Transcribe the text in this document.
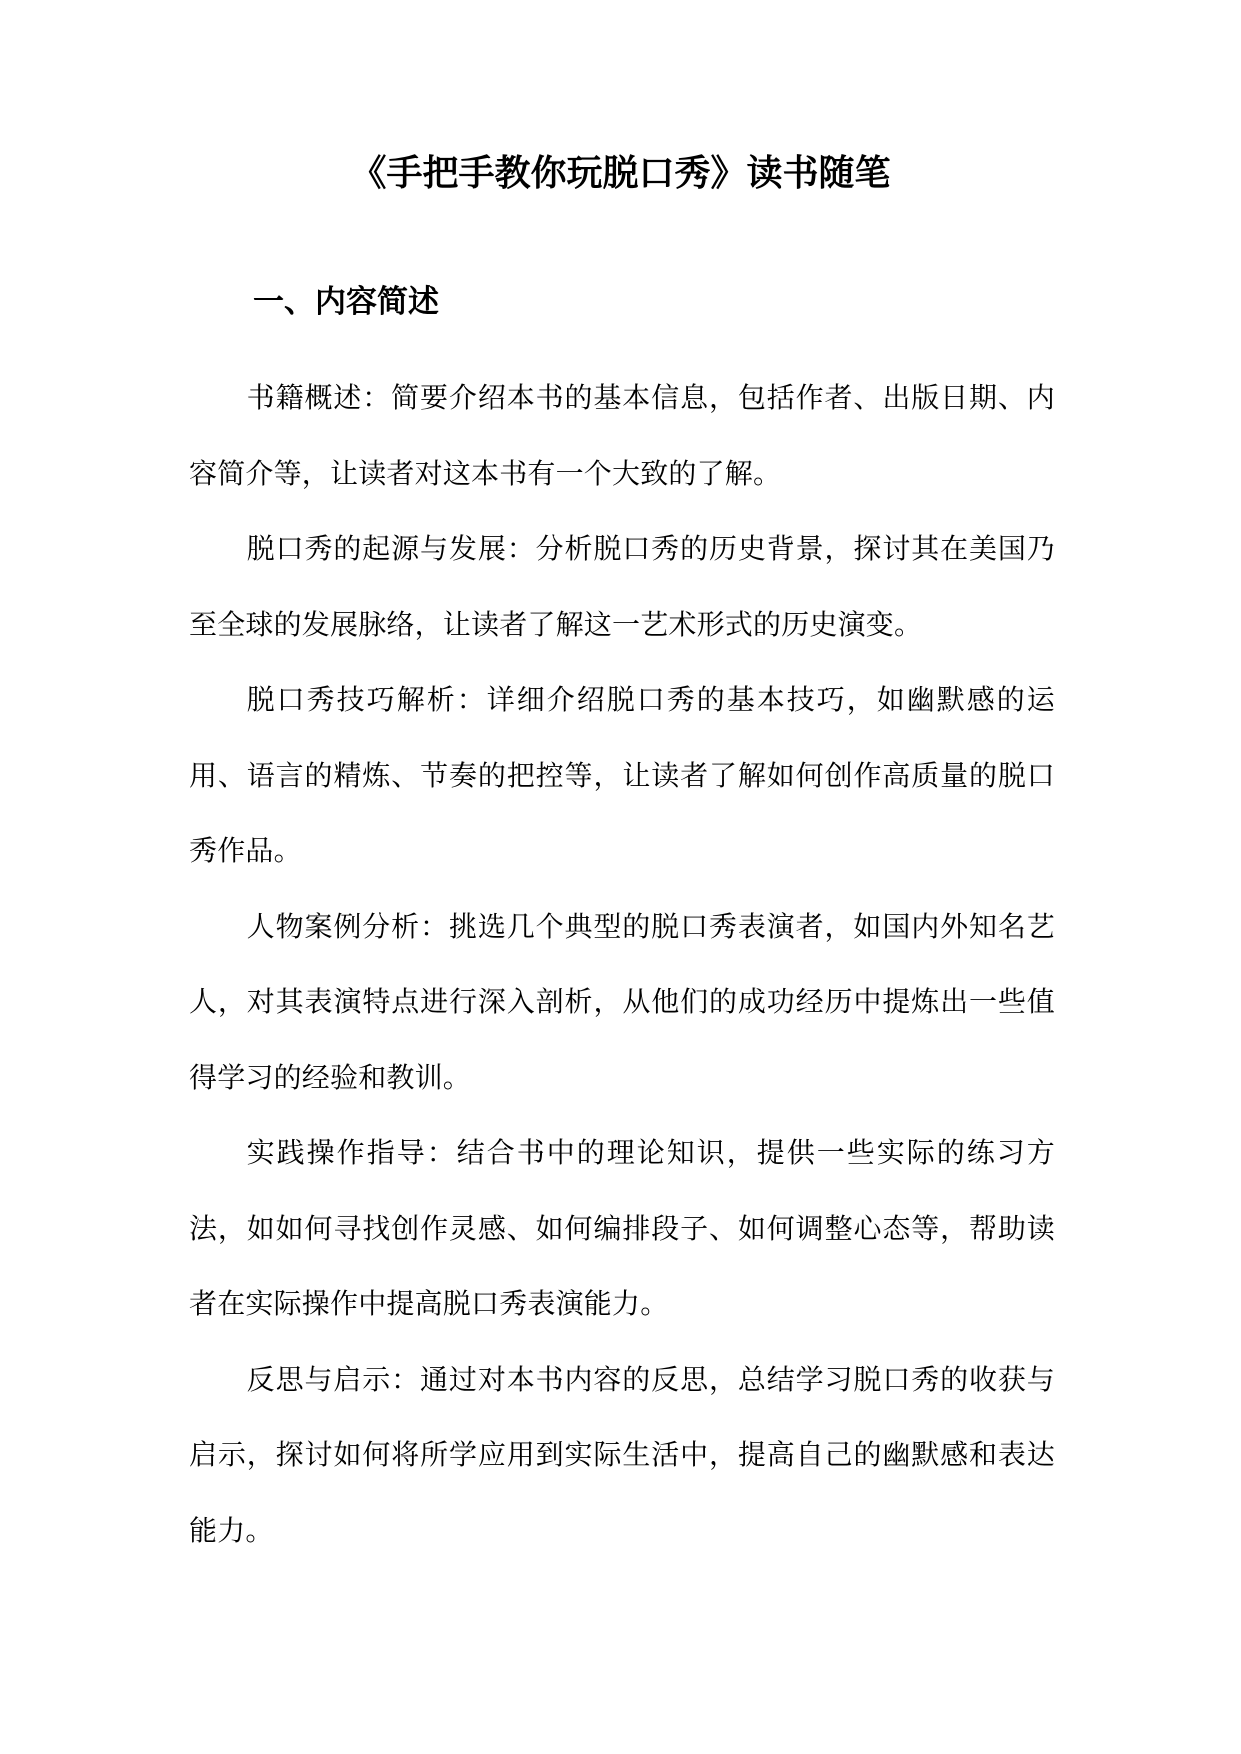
《手把手教你玩脱口秀》读书随笔
一、内容简述

书籍概述：简要介绍本书的基本信息，包括作者、出版日期、内容简介等，让读者对这本书有一个大致的了解。

脱口秀的起源与发展：分析脱口秀的历史背景，探讨其在美国乃至全球的发展脉络，让读者了解这一艺术形式的历史演变。

脱口秀技巧解析：详细介绍脱口秀的基本技巧，如幽默感的运用、语言的精炼、节奏的把控等，让读者了解如何创作高质量的脱口秀作品。

人物案例分析：挑选几个典型的脱口秀表演者，如国内外知名艺人，对其表演特点进行深入剖析，从他们的成功经历中提炼出一些值得学习的经验和教训。

实践操作指导：结合书中的理论知识，提供一些实际的练习方法，如如何寻找创作灵感、如何编排段子、如何调整心态等，帮助读者在实际操作中提高脱口秀表演能力。

反思与启示：通过对本书内容的反思，总结学习脱口秀的收获与启示，探讨如何将所学应用到实际生活中，提高自己的幽默感和表达能力。
